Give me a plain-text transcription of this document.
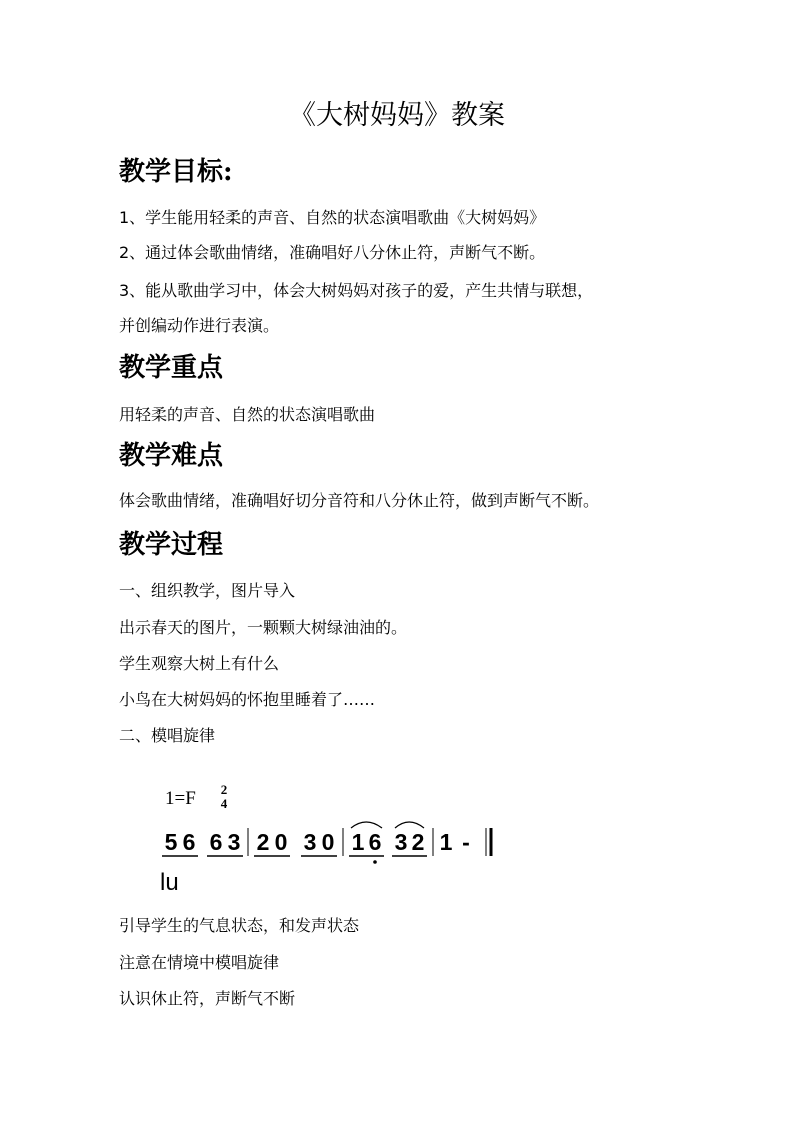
《大树妈妈》教案
教学目标:
1、学生能用轻柔的声音、自然的状态演唱歌曲《大树妈妈》
2、通过体会歌曲情绪，准确唱好八分休止符，声断气不断。
3、能从歌曲学习中，体会大树妈妈对孩子的爱，产生共情与联想，
并创编动作进行表演。
教学重点
用轻柔的声音、自然的状态演唱歌曲
教学难点
体会歌曲情绪，准确唱好切分音符和八分休止符，做到声断气不断。
教学过程
一、组织教学，图片导入
出示春天的图片，一颗颗大树绿油油的。
学生观察大树上有什么
小鸟在大树妈妈的怀抱里睡着了……
二、模唱旋律
1=F 2
4
5 6 6 3 2 0 3 0 1 6 3 2 1 -
lu
引导学生的气息状态，和发声状态
注意在情境中模唱旋律
认识休止符，声断气不断
